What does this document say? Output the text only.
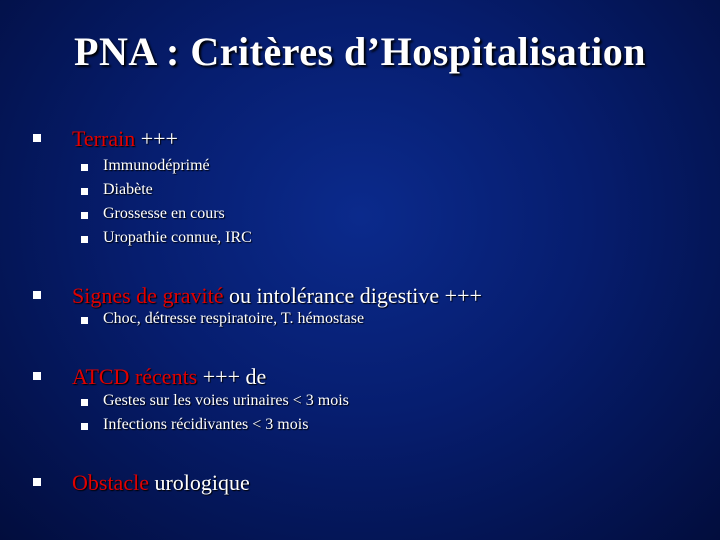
PNA : Critères d’Hospitalisation
Terrain +++
Immunodéprimé
Diabète
Grossesse en cours
Uropathie connue, IRC
Signes de gravité ou intolérance digestive +++
Choc, détresse respiratoire, T. hémostase
ATCD récents +++ de
Gestes sur les voies urinaires < 3 mois
Infections récidivantes < 3 mois
Obstacle urologique
